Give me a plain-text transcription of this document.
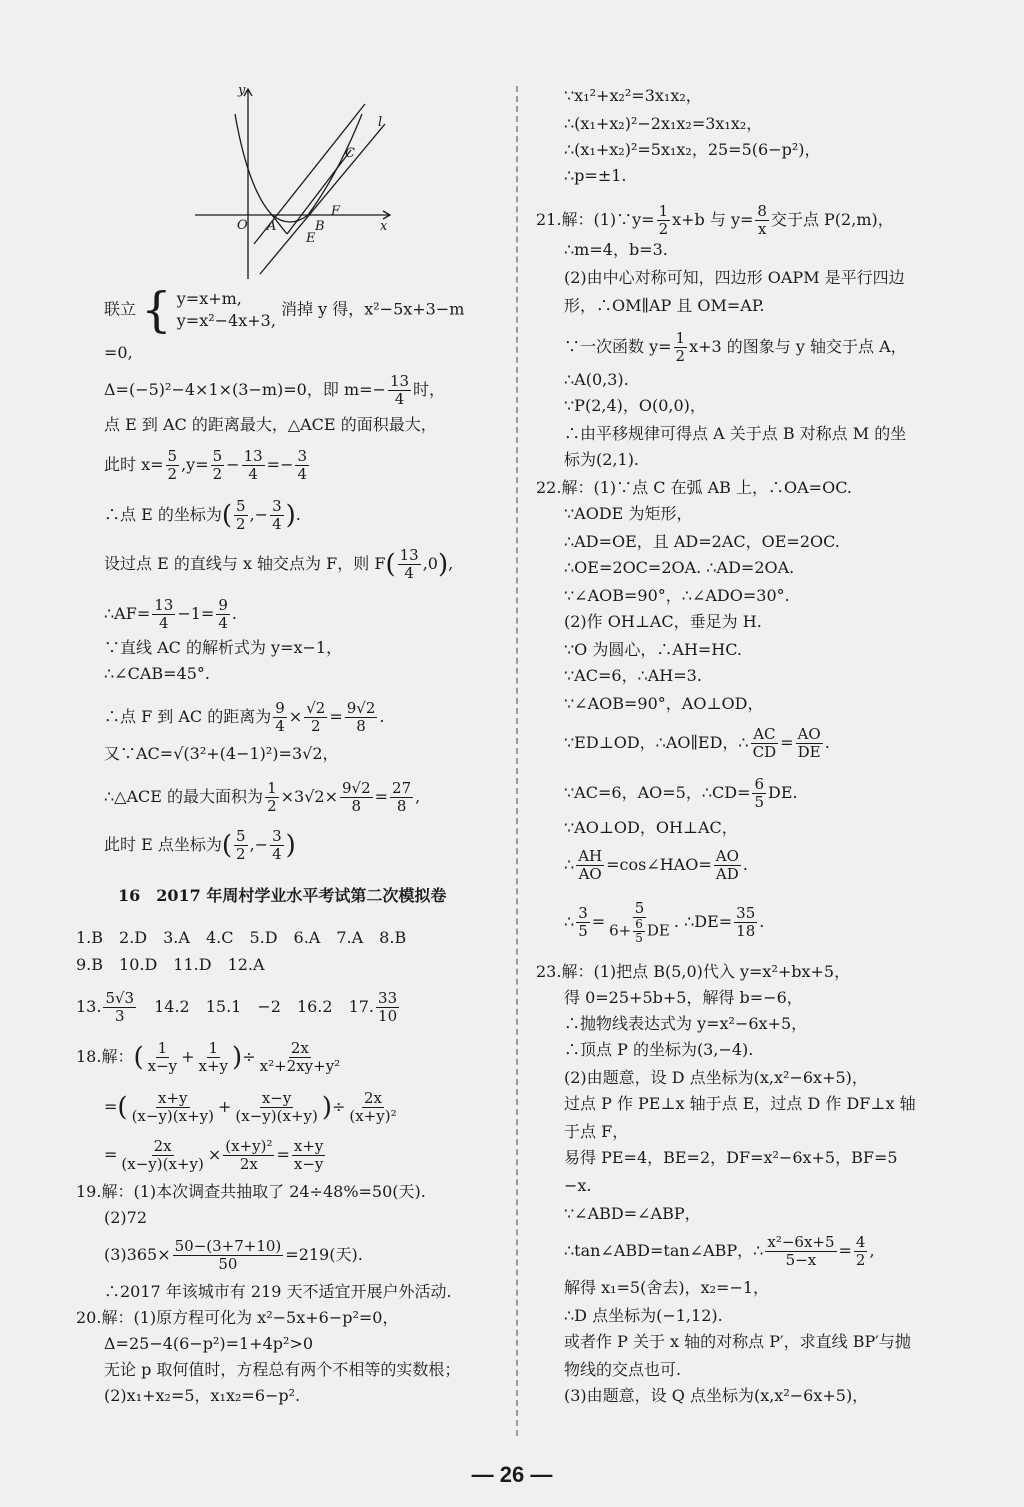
y
x
O A	B
C
E
F
l
联立 { y=x+m,
y=x²−4x+3, 消掉 y 得，x²−5x+3−m
=0,
Δ=(−5)²−4×1×(3−m)=0，即 $m=- \frac{13}{4}$ 时，
点 E 到 AC 的距离最大，△ACE 的面积最大，
此时 $x= \frac{5}{2} ,y= \frac{5}{2} - \frac{13}{4} =- \frac{3}{4}$
∴点 E 的坐标为( $\frac{5}{2}$ ,− $\frac{3}{4}$ ).
设过点 E 的直线与 x 轴交点为 F，则 $F( \frac{13}{4} ,0)$,
∴AF= $\frac{13}{4} -1= \frac{9}{4}$ .
∵直线 AC 的解析式为 y=x−1，
∴∠CAB=45°.
∴点 F 到 AC 的距离为 $\frac{9}{4} \times \frac{√2}{2} = \frac{9√2}{8}$ .
又∵AC=√(3²+(4−1)²)=3√2，
∴△ACE 的最大面积为 $\frac{1}{2} \times 3√2\times \frac{9√2}{8} = \frac{27}{8}$ ,
此时 E 点坐标为( $\frac{5}{2}$ ,− $\frac{3}{4}$ )
16　2017 年周村学业水平考试第二次模拟卷
1.B　2.D　3.A　4.C　5.D　6.A　7.A　8.B
9.B　10.D　11.D　12.A
13. $\frac{5√3}{3}$ 　14.2　15.1　−2　16.2　17. $\frac{33}{10}$
18.解：( $\frac{1}{x-y} + \frac{1}{x+y}$ )÷ $\frac{2x}{\text{x²+2xy+y²}}$
=( $\frac{x+y}{(x-y)(x+y)} + \frac{x-y}{(x-y)(x+y)}$ )÷ $\frac{2x}{\text{(x+y)²}}$
= $\frac{2x}{(x-y)(x+y)} \times \frac{\text{(x+y)²}}{2x} = \frac{x+y}{x-y}$
19.解：(1)本次调查共抽取了 24÷48%=50(天).
(2)72
$(3)365\times \frac{50-(3+7+10)}{50} =219$(天).
∴2017 年该城市有 219 天不适宜开展户外活动.
20.解：(1)原方程可化为 x²−5x+6−p²=0，
Δ=25−4(6−p²)=1+4p²>0
无论 p 取何值时，方程总有两个不相等的实数根；
(2)x₁+x₂=5，x₁x₂=6−p².
∵x₁²+x₂²=3x₁x₂，
∴(x₁+x₂)²−2x₁x₂=3x₁x₂，
∴(x₁+x₂)²=5x₁x₂，25=5(6−p²)，
∴p=±1.
21.解：(1)∵y= $\frac{1}{2} x+b$ 与 $y= \frac{8}{x}$ 交于点 P(2,m)，
∴m=4，b=3.
(2)由中心对称可知，四边形 OAPM 是平行四边
形，∴OM∥AP 且 OM=AP.
∵一次函数 $y= \frac{1}{2} x+3$ 的图象与 y 轴交于点 A，
∴A(0,3).
∵P(2,4)，O(0,0)，
∴由平移规律可得点 A 关于点 B 对称点 M 的坐
标为(2,1).
22.解：(1)∵点 C 在弧 AB 上，∴OA=OC.
∵AODE 为矩形，
∴AD=OE，且 AD=2AC，OE=2OC.
∴OE=2OC=2OA. ∴AD=2OA.
∵∠AOB=90°，∴∠ADO=30°.
(2)作 OH⊥AC，垂足为 H.
∵O 为圆心，∴AH=HC.
∵AC=6，∴AH=3.
∵∠AOB=90°，AO⊥OD，
∵ED⊥OD，∴AO∥ED，∴ $\frac{AC}{CD} = \frac{AO}{DE}$ .
∵AC=6，AO=5，∴CD= $\frac{6}{5}$ DE.
∵AO⊥OD，OH⊥AC，
∴ $\frac{AH}{AO}$ =cos∠HAO= $\frac{AO}{AD}$ .
∴ $\frac{3}{5} = \frac{5}{6+ \frac{6}{5} DE}$ . ∴DE= $\frac{35}{18}$ .
23.解：(1)把点 B(5,0)代入 y=x²+bx+5，
得 0=25+5b+5，解得 b=−6，
∴抛物线表达式为 y=x²−6x+5，
∴顶点 P 的坐标为(3,−4).
(2)由题意，设 D 点坐标为(x,x²−6x+5)，
过点 P 作 PE⊥x 轴于点 E，过点 D 作 DF⊥x 轴
于点 F，
易得 PE=4，BE=2，DF=x²−6x+5，BF=5
−x.
∵∠ABD=∠ABP，
∴tan∠ABD=tan∠ABP，∴ $\frac{\text{x²−6x+5}}{5-x} = \frac{4}{2}$ ,
解得 x₁=5(舍去)，x₂=−1，
∴D 点坐标为(−1,12).
或者作 P 关于 x 轴的对称点 P′，求直线 BP′与抛
物线的交点也可.
(3)由题意，设 Q 点坐标为(x,x²−6x+5)，
— 26 —
